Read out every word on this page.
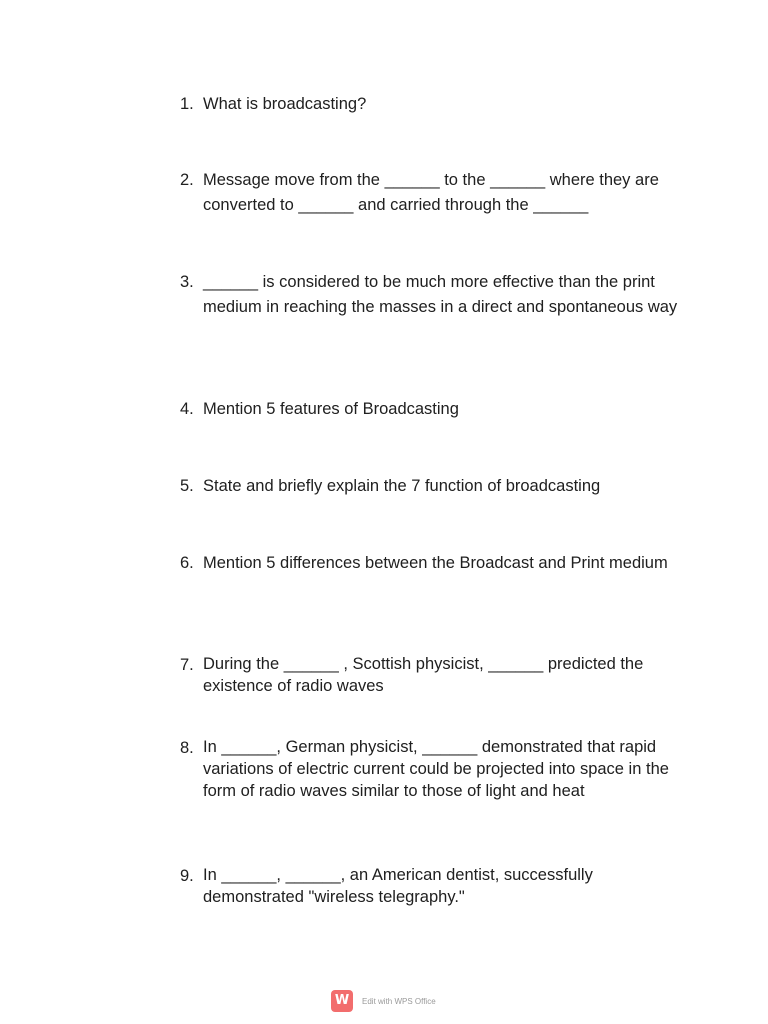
1. What is broadcasting?
2. Message move from the ______ to the ______ where they are converted to ______ and carried through the ______
3. ______ is considered to be much more effective than the print medium in reaching the masses in a direct and spontaneous way
4. Mention 5 features of Broadcasting
5. State and briefly explain the 7 function of broadcasting
6. Mention 5 differences between the Broadcast and Print medium
7. During the ______ , Scottish physicist, ______ predicted the existence of radio waves
8. In ______, German physicist, ______ demonstrated that rapid variations of electric current could be projected into space in the form of radio waves similar to those of light and heat
9. In ______, ______, an American dentist, successfully demonstrated "wireless telegraphy."
W	Edit with WPS Office
